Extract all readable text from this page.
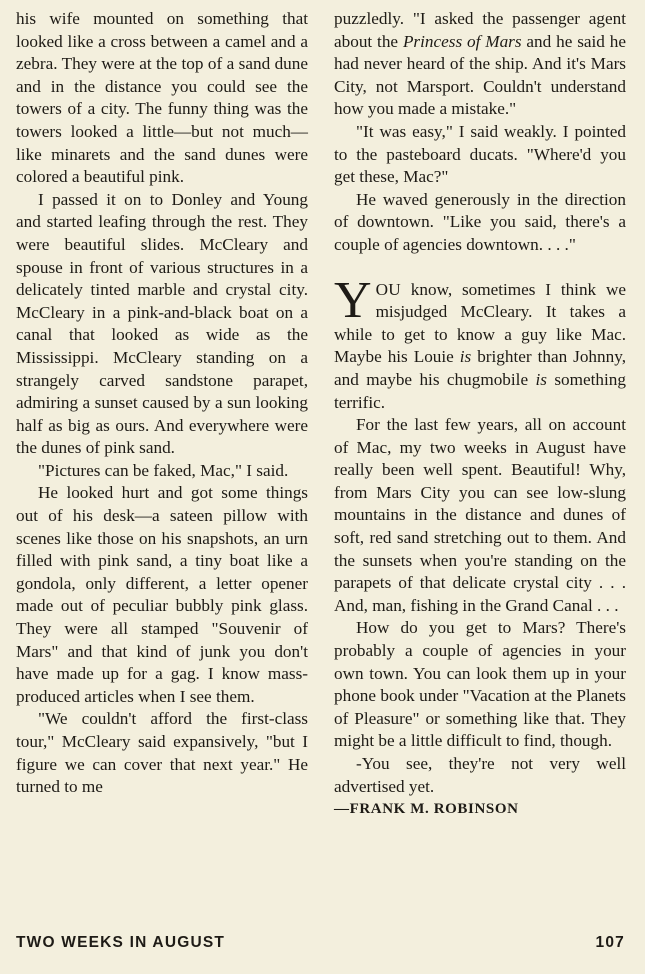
his wife mounted on something that looked like a cross between a camel and a zebra. They were at the top of a sand dune and in the distance you could see the towers of a city. The funny thing was the towers looked a little—but not much—like minarets and the sand dunes were colored a beautiful pink.

I passed it on to Donley and Young and started leafing through the rest. They were beautiful slides. McCleary and spouse in front of various structures in a delicately tinted marble and crystal city. McCleary in a pink-and-black boat on a canal that looked as wide as the Mississippi. McCleary standing on a strangely carved sandstone parapet, admiring a sunset caused by a sun looking half as big as ours. And everywhere were the dunes of pink sand.

"Pictures can be faked, Mac," I said.

He looked hurt and got some things out of his desk—a sateen pillow with scenes like those on his snapshots, an urn filled with pink sand, a tiny boat like a gondola, only different, a letter opener made out of peculiar bubbly pink glass. They were all stamped "Souvenir of Mars" and that kind of junk you don't have made up for a gag. I know mass-produced articles when I see them.

"We couldn't afford the first-class tour," McCleary said expansively, "but I figure we can cover that next year." He turned to me

puzzledly. "I asked the passenger agent about the Princess of Mars and he said he had never heard of the ship. And it's Mars City, not Marsport. Couldn't understand how you made a mistake."

"It was easy," I said weakly. I pointed to the pasteboard ducats. "Where'd you get these, Mac?"

He waved generously in the direction of downtown. "Like you said, there's a couple of agencies downtown. . . ."

YOU know, sometimes I think we misjudged McCleary. It takes a while to get to know a guy like Mac. Maybe his Louie is brighter than Johnny, and maybe his chugmobile is something terrific.

For the last few years, all on account of Mac, my two weeks in August have really been well spent. Beautiful! Why, from Mars City you can see low-slung mountains in the distance and dunes of soft, red sand stretching out to them. And the sunsets when you're standing on the parapets of that delicate crystal city . . . And, man, fishing in the Grand Canal . . .

How do you get to Mars? There's probably a couple of agencies in your own town. You can look them up in your phone book under "Vacation at the Planets of Pleasure" or something like that. They might be a little difficult to find, though.

-You see, they're not very well advertised yet.

—FRANK M. ROBINSON

TWO WEEKS IN AUGUST	107
